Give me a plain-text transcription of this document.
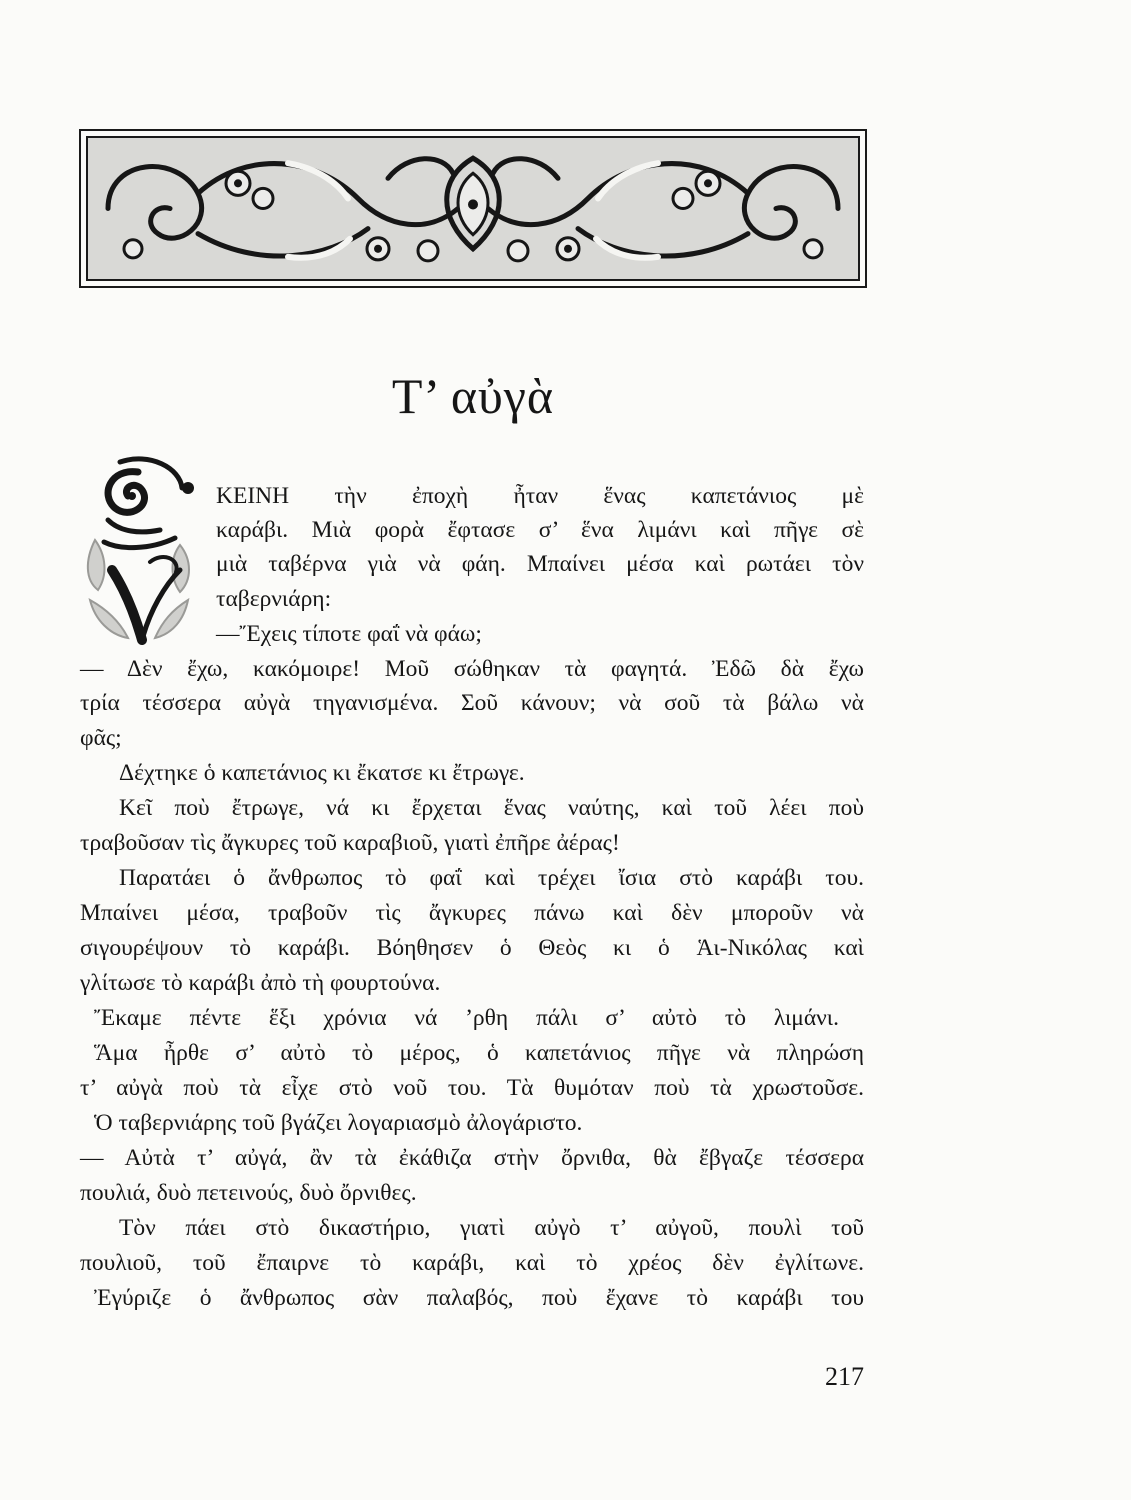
Τ’ αὐγὰ
ΚΕΙΝΗ τὴν ἐποχὴ ἦταν ἕνας καπετάνιος μὲ
καράβι. Μιὰ φορὰ ἔφτασε σ’ ἕνα λιμάνι καὶ πῆγε σὲ
μιὰ ταβέρνα γιὰ νὰ φάη. Μπαίνει μέσα καὶ ρωτάει τὸν
ταβερνιάρη:
—Ἔχεις τίποτε φαΐ νὰ φάω;
— Δὲν ἔχω, κακόμοιρε! Μοῦ σώθηκαν τὰ φαγητά. Ἐδῶ δὰ ἔχω
τρία τέσσερα αὐγὰ τηγανισμένα. Σοῦ κάνουν; νὰ σοῦ τὰ βάλω νὰ
φᾶς;
Δέχτηκε ὁ καπετάνιος κι ἔκατσε κι ἔτρωγε.
Κεῖ ποὺ ἔτρωγε, νά κι ἔρχεται ἕνας ναύτης, καὶ τοῦ λέει ποὺ
τραβοῦσαν τὶς ἄγκυρες τοῦ καραβιοῦ, γιατὶ ἐπῆρε ἀέρας!
Παρατάει ὁ ἄνθρωπος τὸ φαΐ καὶ τρέχει ἴσια στὸ καράβι του.
Μπαίνει μέσα, τραβοῦν τὶς ἄγκυρες πάνω καὶ δὲν μποροῦν νὰ
σιγουρέψουν τὸ καράβι. Βόηθησεν ὁ Θεὸς κι ὁ Ἁι-Νικόλας καὶ
γλίτωσε τὸ καράβι ἀπὸ τὴ φουρτούνα.
Ἔκαμε πέντε ἕξι χρόνια νά ’ρθη πάλι σ’ αὐτὸ τὸ λιμάνι.
Ἅμα ἦρθε σ’ αὐτὸ τὸ μέρος, ὁ καπετάνιος πῆγε νὰ πληρώση
τ’ αὐγὰ ποὺ τὰ εἶχε στὸ νοῦ του. Τὰ θυμόταν ποὺ τὰ χρωστοῦσε.
Ὁ ταβερνιάρης τοῦ βγάζει λογαριασμὸ ἀλογάριστο.
— Αὐτὰ τ’ αὐγά, ἂν τὰ ἐκάθιζα στὴν ὄρνιθα, θὰ ἔβγαζε τέσσερα
πουλιά, δυὸ πετεινούς, δυὸ ὄρνιθες.
Τὸν πάει στὸ δικαστήριο, γιατὶ αὐγὸ τ’ αὐγοῦ, πουλὶ τοῦ
πουλιοῦ, τοῦ ἔπαιρνε τὸ καράβι, καὶ τὸ χρέος δὲν ἐγλίτωνε.
Ἐγύριζε ὁ ἄνθρωπος σὰν παλαβός, ποὺ ἔχανε τὸ καράβι του
217
